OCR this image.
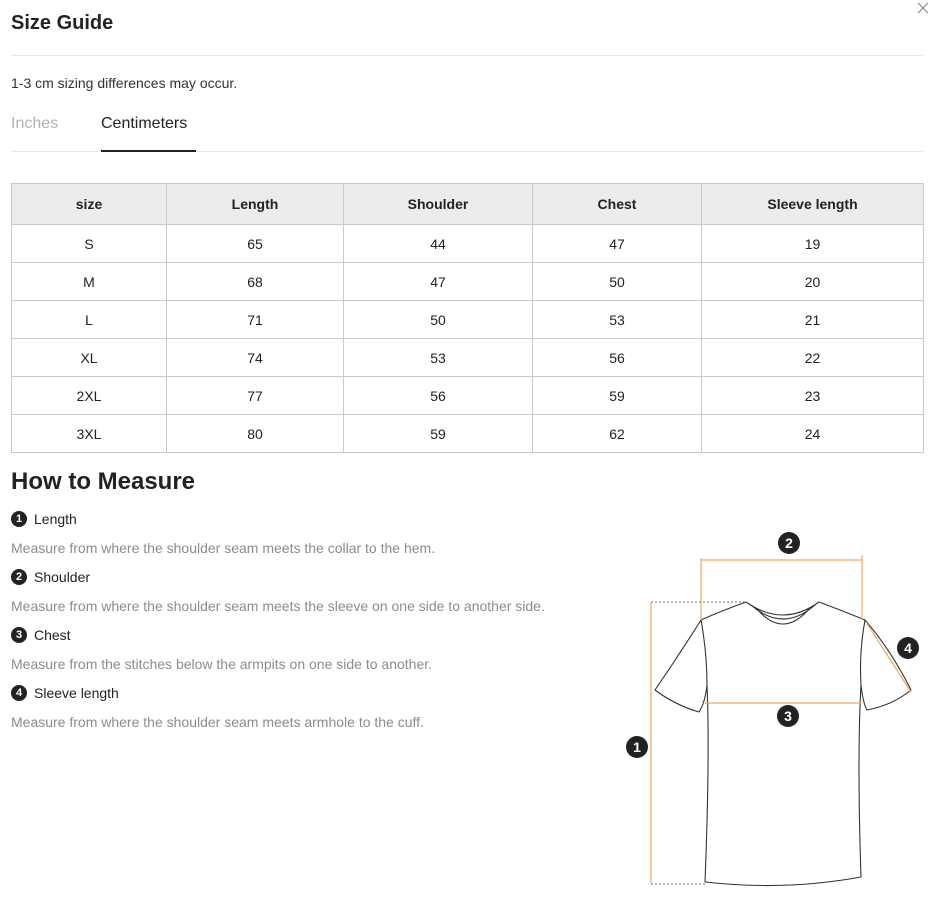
Size Guide
1-3 cm sizing differences may occur.
Inches	Centimeters
size	Length	Shoulder	Chest	Sleeve length
S	65	44	47	19
M	68	47	50	20
L	71	50	53	21
XL	74	53	56	22
2XL	77	56	59	23
3XL	80	59	62	24
How to Measure
1 Length
Measure from where the shoulder seam meets the collar to the hem.
2 Shoulder
Measure from where the shoulder seam meets the sleeve on one side to another side.
3 Chest
Measure from the stitches below the armpits on one side to another.
4 Sleeve length
Measure from where the shoulder seam meets armhole to the cuff.
2
1
3
4
